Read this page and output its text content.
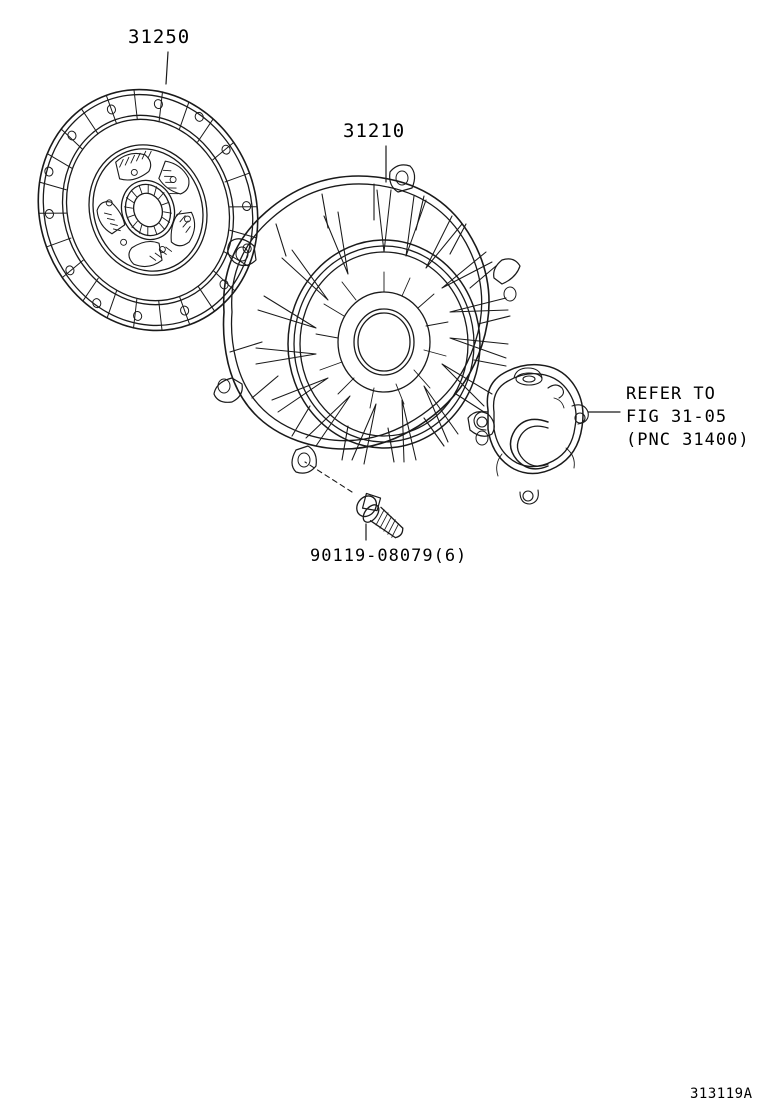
31250
31210
90119-08079(6)
REFER TO
FIG 31-05
(PNC 31400)
313119A
